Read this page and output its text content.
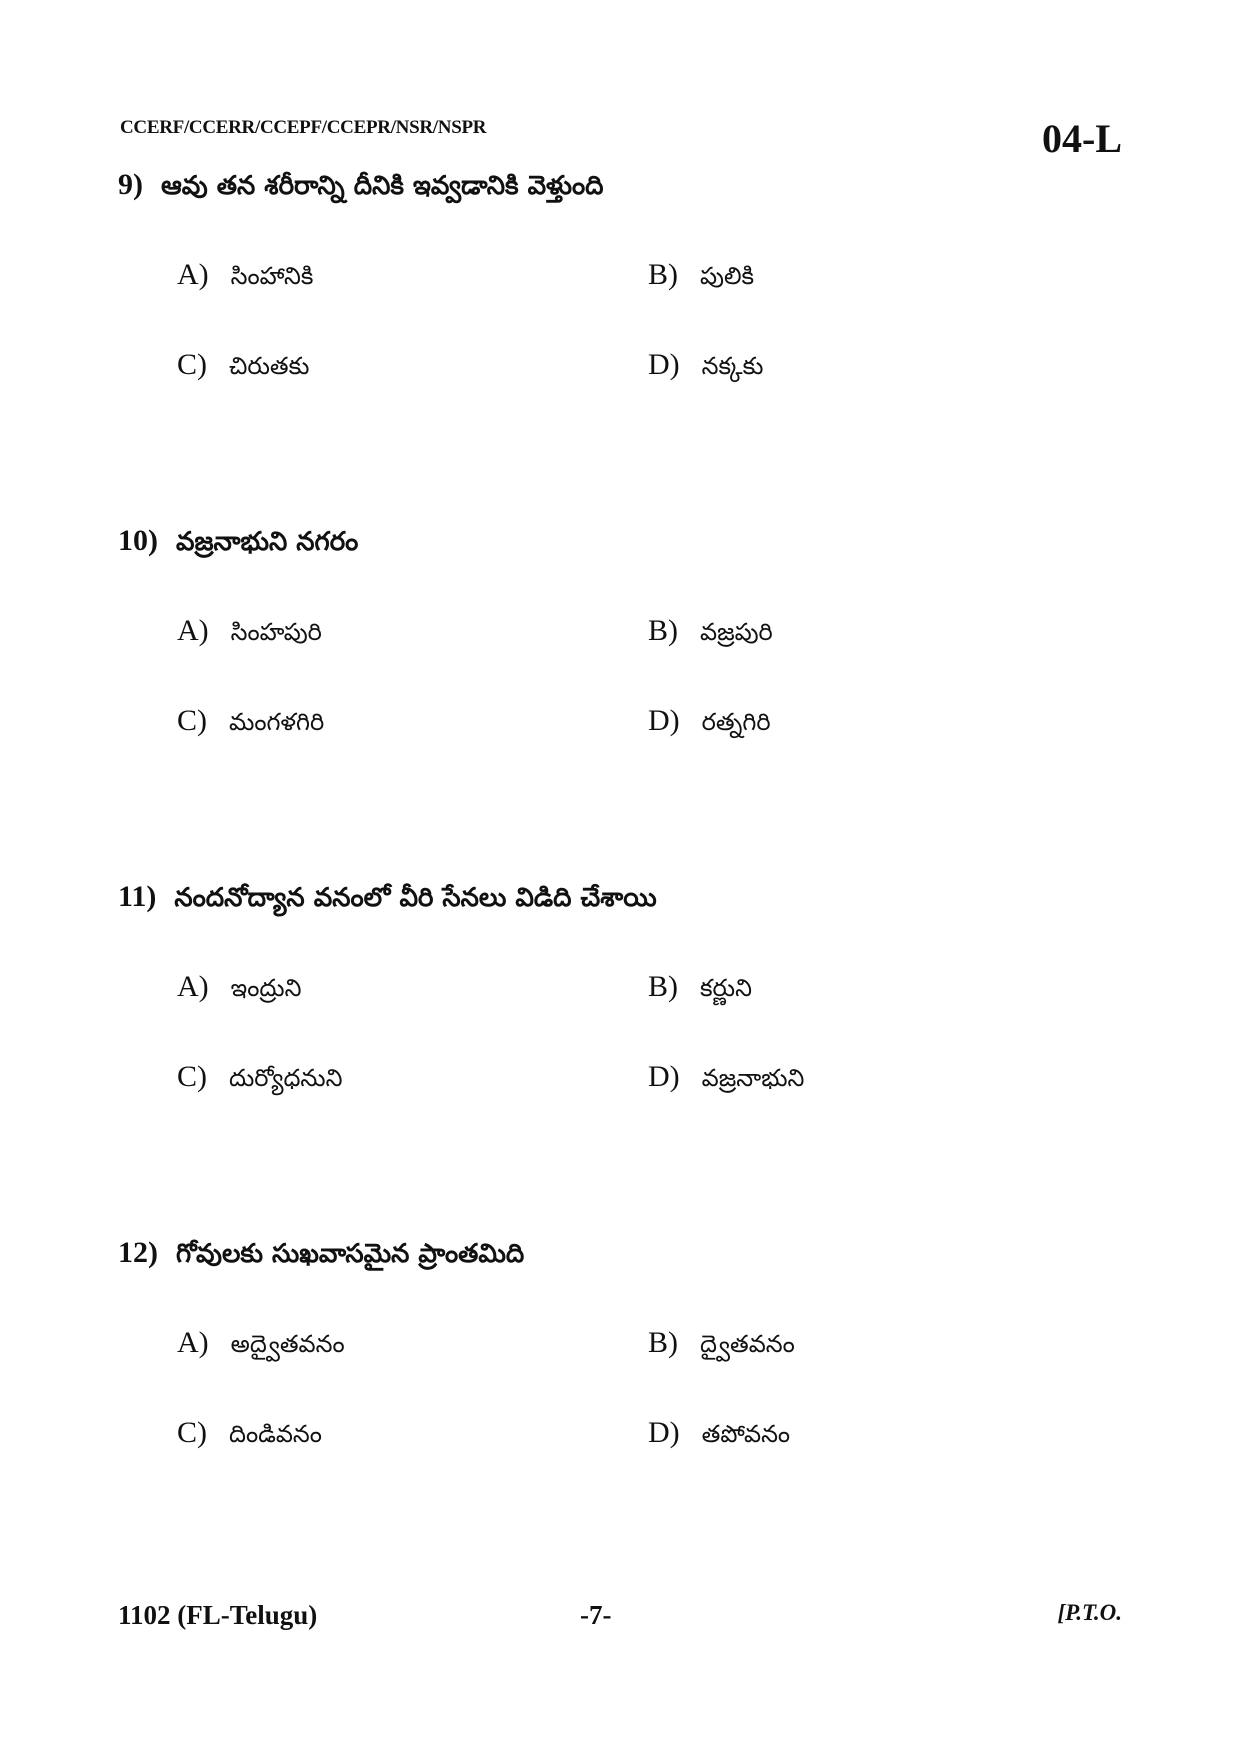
CCERF/CCERR/CCEPF/CCEPR/NSR/NSPR	04-L
9) ఆవు తన శరీరాన్ని దీనికి ఇవ్వడానికి వెళ్తుంది
A) సింహానికి	B) పులికి
C) చిరుతకు	D) నక్కకు
10) వజ్రనాభుని నగరం
A) సింహపురి	B) వజ్రపురి
C) మంగళగిరి	D) రత్నగిరి
11) నందనోద్యాన వనంలో వీరి సేనలు విడిది చేశాయి
A) ఇంద్రుని	B) కర్ణుని
C) దుర్యోధనుని	D) వజ్రనాభుని
12) గోవులకు సుఖవాసమైన ప్రాంతమిది
A) అద్వైతవనం	B) ద్వైతవనం
C) దిండివనం	D) తపోవనం
1102 (FL-Telugu)	-7-	[P.T.O.
